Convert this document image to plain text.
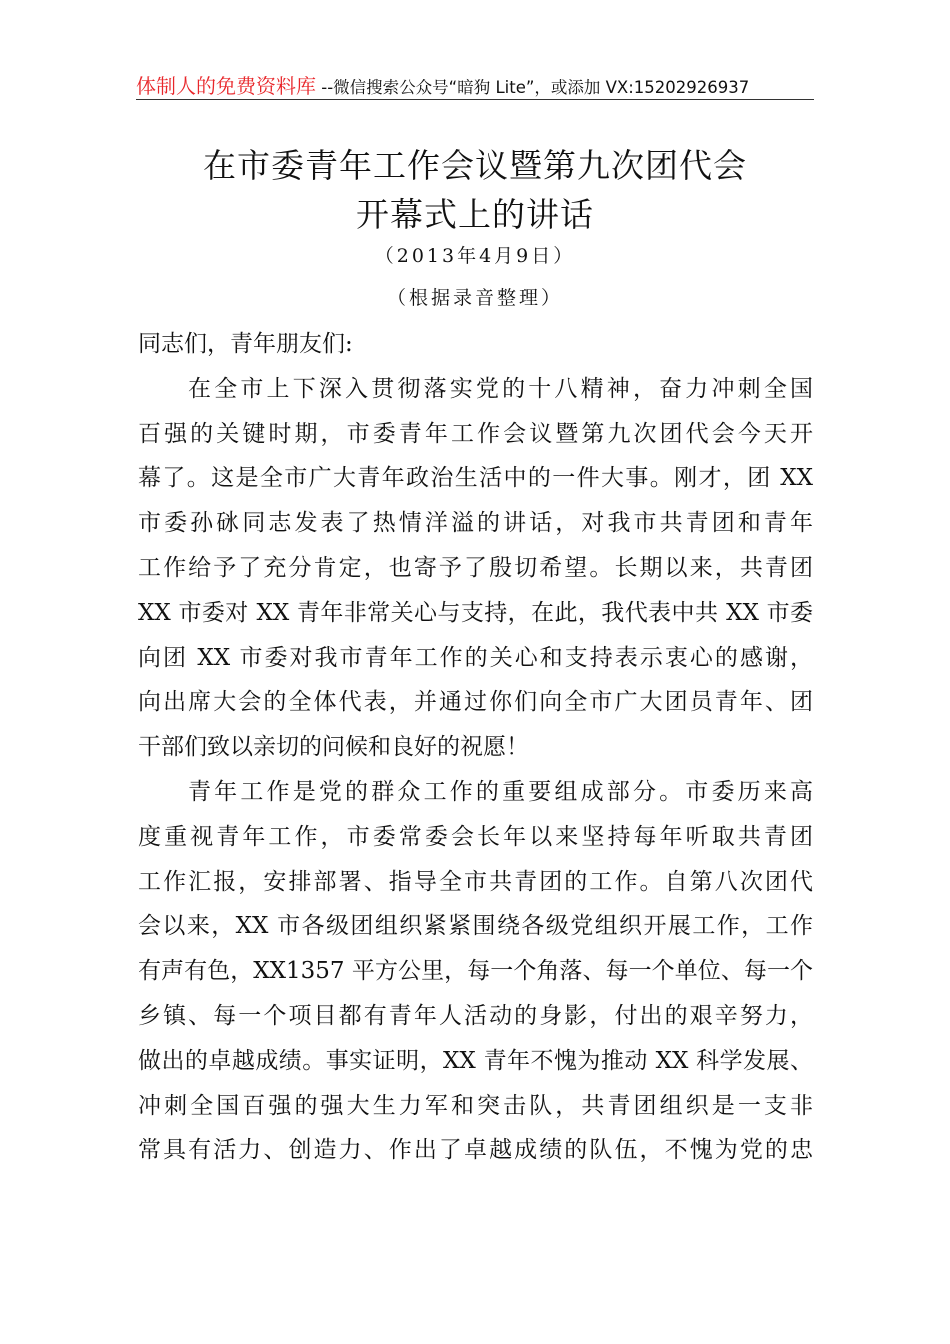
体制人的免费资料库 --微信搜索公众号“暗狗 Lite”，或添加 VX:15202926937
在市委青年工作会议暨第九次团代会
开幕式上的讲话
（2013年4月9日）
（根据录音整理）
同志们，青年朋友们:
在全市上下深入贯彻落实党的十八精神，奋力冲刺全国
百强的关键时期，市委青年工作会议暨第九次团代会今天开
幕了。这是全市广大青年政治生活中的一件大事。刚才，团 XX
市委孙砯同志发表了热情洋溢的讲话，对我市共青团和青年
工作给予了充分肯定，也寄予了殷切希望。长期以来，共青团
XX 市委对 XX 青年非常关心与支持，在此，我代表中共 XX 市委
向团 XX 市委对我市青年工作的关心和支持表示衷心的感谢，
向出席大会的全体代表，并通过你们向全市广大团员青年、团
干部们致以亲切的问候和良好的祝愿！
青年工作是党的群众工作的重要组成部分。市委历来高
度重视青年工作，市委常委会长年以来坚持每年听取共青团
工作汇报，安排部署、指导全市共青团的工作。自第八次团代
会以来，XX 市各级团组织紧紧围绕各级党组织开展工作，工作
有声有色，XX1357 平方公里，每一个角落、每一个单位、每一个
乡镇、每一个项目都有青年人活动的身影，付出的艰辛努力，
做出的卓越成绩。事实证明，XX 青年不愧为推动 XX 科学发展、
冲刺全国百强的强大生力军和突击队，共青团组织是一支非
常具有活力、创造力、作出了卓越成绩的队伍，不愧为党的忠
